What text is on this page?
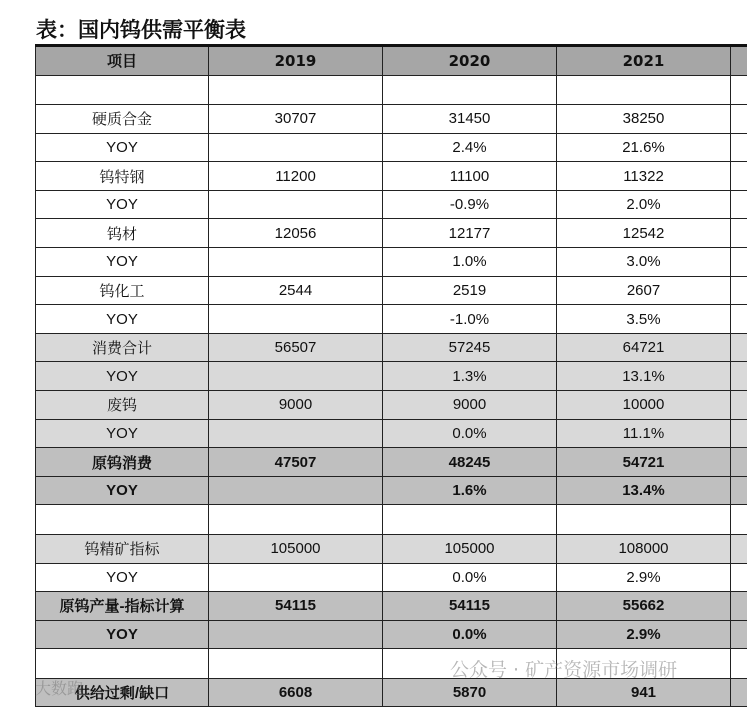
表：国内钨供需平衡表
项目	2019	2020	2021	

硬质合金	30707	31450	38250	
YOY		2.4%	21.6%	
钨特钢	11200	11100	11322	
YOY		-0.9%	2.0%	
钨材	12056	12177	12542	
YOY		1.0%	3.0%	
钨化工	2544	2519	2607	
YOY		-1.0%	3.5%	
消费合计	56507	57245	64721	
YOY		1.3%	13.1%	
废钨	9000	9000	10000	
YOY		0.0%	11.1%	
原钨消费	47507	48245	54721	
YOY		1.6%	13.4%	

钨精矿指标	105000	105000	108000	
YOY		0.0%	2.9%	
原钨产量-指标计算	54115	54115	55662	
YOY		0.0%	2.9%	

供给过剩/缺口	6608	5870	941	
公众号 · 矿产资源市场调研
大数跑
